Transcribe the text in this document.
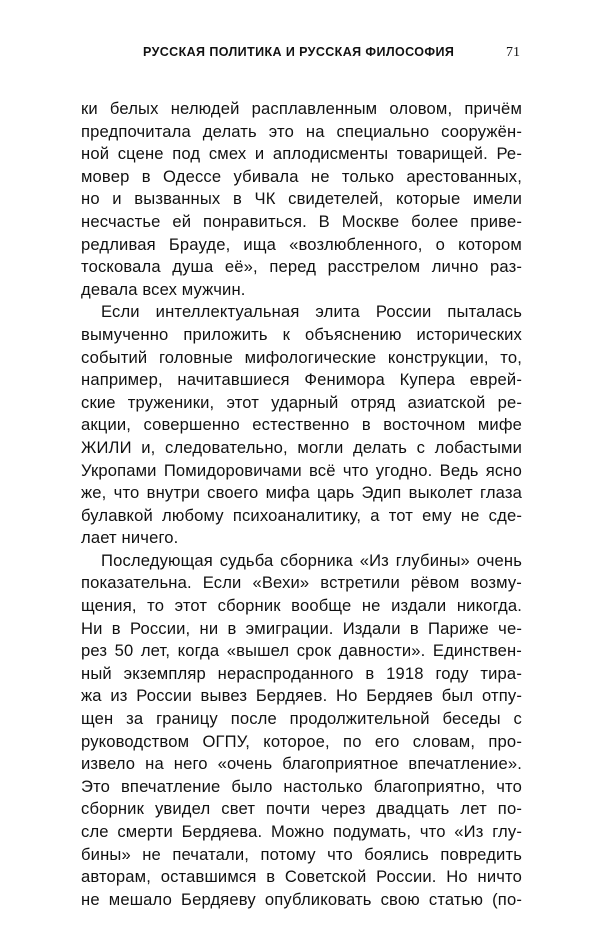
РУССКАЯ ПОЛИТИКА И РУССКАЯ ФИЛОСОФИЯ	71
ки белых нелюдей расплавленным оловом, причём
предпочитала делать это на специально сооружён-
ной сцене под смех и аплодисменты товарищей. Ре-
мовер в Одессе убивала не только арестованных,
но и вызванных в ЧК свидетелей, которые имели
несчастье ей понравиться. В Москве более приве-
редливая Брауде, ища «возлюбленного, о котором
тосковала душа её», перед расстрелом лично раз-
девала всех мужчин.
Если интеллектуальная элита России пыталась
вымученно приложить к объяснению исторических
событий головные мифологические конструкции, то,
например, начитавшиеся Фенимора Купера еврей-
ские труженики, этот ударный отряд азиатской ре-
акции, совершенно естественно в восточном мифе
ЖИЛИ и, следовательно, могли делать с лобастыми
Укропами Помидоровичами всё что угодно. Ведь ясно
же, что внутри своего мифа царь Эдип выколет глаза
булавкой любому психоаналитику, а тот ему не сде-
лает ничего.
Последующая судьба сборника «Из глубины» очень
показательна. Если «Вехи» встретили рёвом возму-
щения, то этот сборник вообще не издали никогда.
Ни в России, ни в эмиграции. Издали в Париже че-
рез 50 лет, когда «вышел срок давности». Единствен-
ный экземпляр нераспроданного в 1918 году тира-
жа из России вывез Бердяев. Но Бердяев был отпу-
щен за границу после продолжительной беседы с
руководством ОГПУ, которое, по его словам, про-
извело на него «очень благоприятное впечатление».
Это впечатление было настолько благоприятно, что
сборник увидел свет почти через двадцать лет по-
сле смерти Бердяева. Можно подумать, что «Из глу-
бины» не печатали, потому что боялись повредить
авторам, оставшимся в Советской России. Но ничто
не мешало Бердяеву опубликовать свою статью (по-
